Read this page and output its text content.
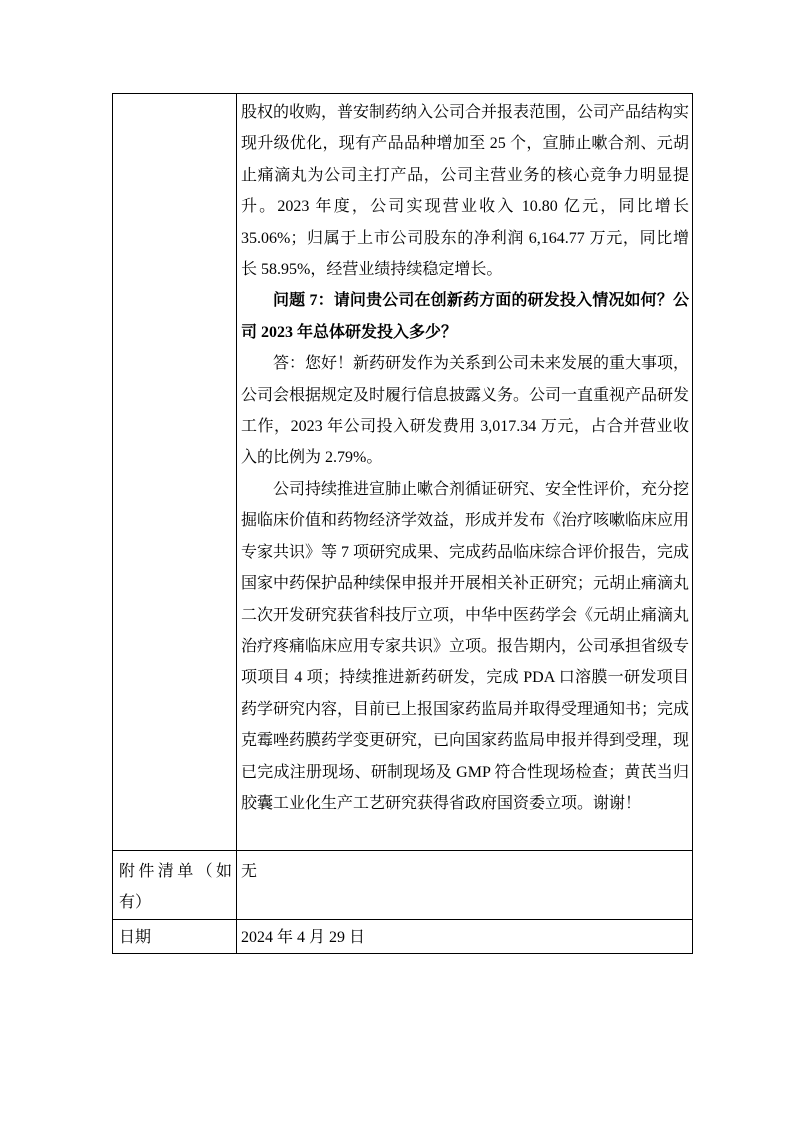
	股权的收购，普安制药纳入公司合并报表范围，公司产品结构实现升级优化，现有产品品种增加至 25 个，宣肺止嗽合剂、元胡止痛滴丸为公司主打产品，公司主营业务的核心竞争力明显提升。2023 年度，公司实现营业收入 10.80 亿元，同比增长 35.06%；归属于上市公司股东的净利润 6,164.77 万元，同比增长 58.95%，经营业绩持续稳定增长。

问题 7：请问贵公司在创新药方面的研发投入情况如何？公司 2023 年总体研发投入多少？

答：您好！新药研发作为关系到公司未来发展的重大事项，公司会根据规定及时履行信息披露义务。公司一直重视产品研发工作，2023 年公司投入研发费用 3,017.34 万元，占合并营业收入的比例为 2.79%。

公司持续推进宣肺止嗽合剂循证研究、安全性评价，充分挖掘临床价值和药物经济学效益，形成并发布《治疗咳嗽临床应用专家共识》等 7 项研究成果、完成药品临床综合评价报告，完成国家中药保护品种续保申报并开展相关补正研究；元胡止痛滴丸二次开发研究获省科技厅立项，中华中医药学会《元胡止痛滴丸治疗疼痛临床应用专家共识》立项。报告期内，公司承担省级专项项目 4 项；持续推进新药研发，完成 PDA 口溶膜一研发项目药学研究内容，目前已上报国家药监局并取得受理通知书；完成克霉唑药膜药学变更研究，已向国家药监局申报并得到受理，现已完成注册现场、研制现场及 GMP 符合性现场检查；黄芪当归胶囊工业化生产工艺研究获得省政府国资委立项。谢谢！

附件清单（如有）	无
日期	2024 年 4 月 29 日
